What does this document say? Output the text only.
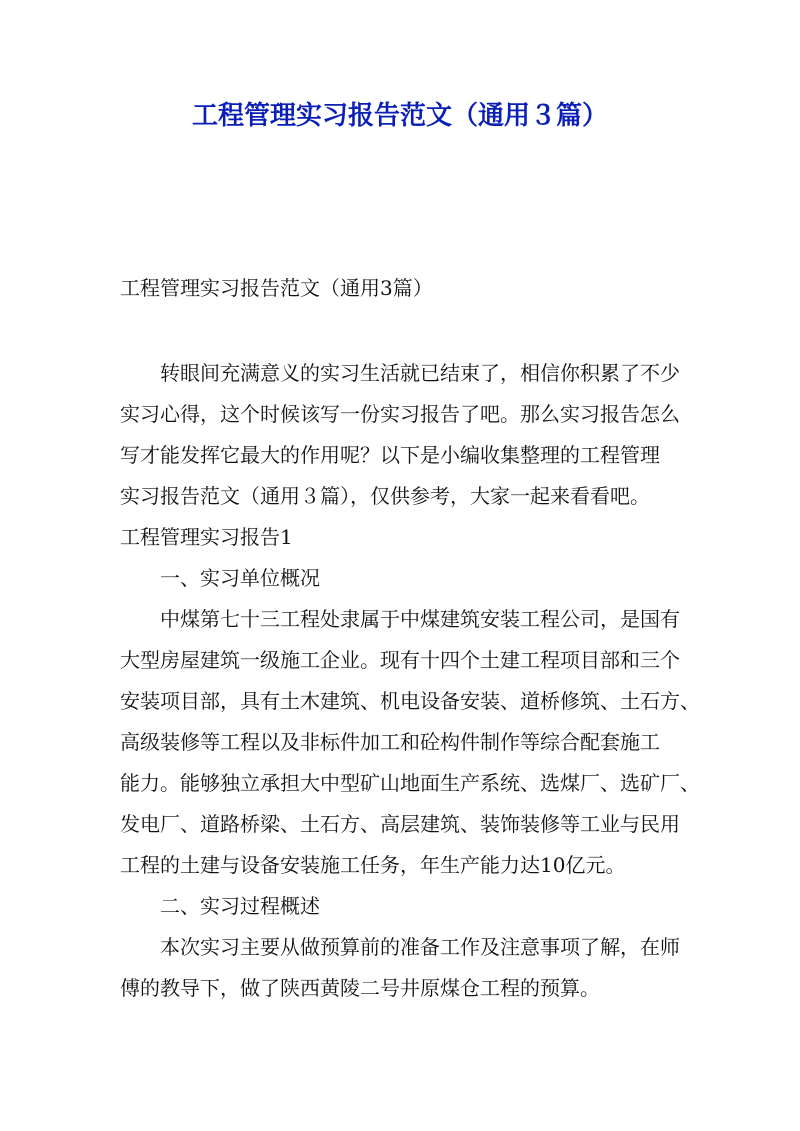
工程管理实习报告范文（通用３篇）

工程管理实习报告范文（通用3篇）

转眼间充满意义的实习生活就已结束了，相信你积累了不少

实习心得，这个时候该写一份实习报告了吧。那么实习报告怎么

写才能发挥它最大的作用呢？以下是小编收集整理的工程管理

实习报告范文（通用３篇），仅供参考，大家一起来看看吧。

工程管理实习报告1

一、实习单位概况

中煤第七十三工程处隶属于中煤建筑安装工程公司，是国有

大型房屋建筑一级施工企业。现有十四个土建工程项目部和三个

安装项目部，具有土木建筑、机电设备安装、道桥修筑、土石方、

高级装修等工程以及非标件加工和砼构件制作等综合配套施工

能力。能够独立承担大中型矿山地面生产系统、选煤厂、选矿厂、

发电厂、道路桥梁、土石方、高层建筑、装饰装修等工业与民用

工程的土建与设备安装施工任务，年生产能力达10亿元。

二、实习过程概述

本次实习主要从做预算前的准备工作及注意事项了解，在师

傅的教导下，做了陕西黄陵二号井原煤仓工程的预算。
